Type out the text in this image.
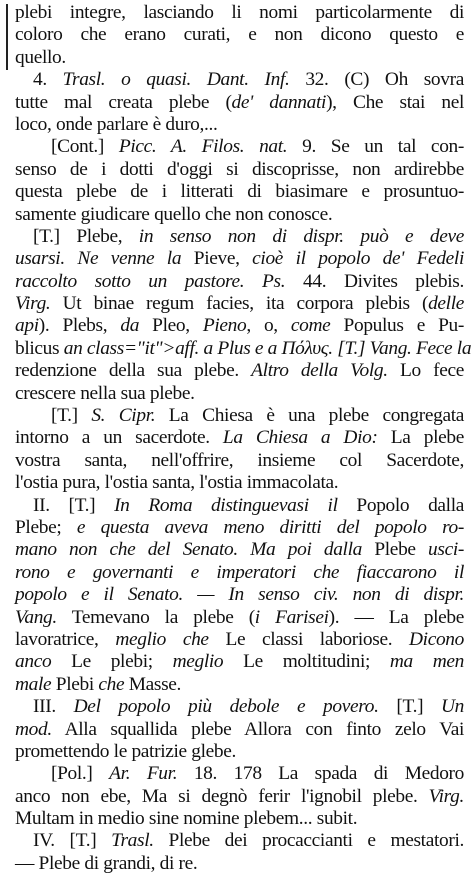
plebi integre, lasciando li nomi particolarmente di
coloro che erano curati, e non dicono questo e
quello.
4. Trasl. o quasi. Dant. Inf. 32. (C) Oh sovra
tutte mal creata plebe (de' dannati), Che stai nel
loco, onde parlare è duro,...
[Cont.] Picc. A. Filos. nat. 9. Se un tal con-
senso de i dotti d'oggi si discoprisse, non ardirebbe
questa plebe de i litterati di biasimare e prosuntuo-
samente giudicare quello che non conosce.
[T.] Plebe, in senso non di dispr. può e deve
usarsi. Ne venne la Pieve, cioè il popolo de' Fedeli
raccolto sotto un pastore. Ps. 44. Divites plebis.
Virg. Ut binae regum facies, ita corpora plebis (delle
api). Plebs, da Pleo, Pieno, o, come Populus e Pu-
blicus an class="it">aff. a Plus e a Πόλυς. [T.] Vang. Fece la
redenzione della sua plebe. Altro della Volg. Lo fece
crescere nella sua plebe.
[T.] S. Cipr. La Chiesa è una plebe congregata
intorno a un sacerdote. La Chiesa a Dio: La plebe
vostra santa, nell'offrire, insieme col Sacerdote,
l'ostia pura, l'ostia santa, l'ostia immacolata.
II. [T.] In Roma distinguevasi il Popolo dalla
Plebe; e questa aveva meno diritti del popolo ro-
mano non che del Senato. Ma poi dalla Plebe usci-
rono e governanti e imperatori che fiaccarono il
popolo e il Senato. — In senso civ. non di dispr.
Vang. Temevano la plebe (i Farisei). — La plebe
lavoratrice, meglio che Le classi laboriose. Dicono
anco Le plebi; meglio Le moltitudini; ma men
male Plebi che Masse.
III. Del popolo più debole e povero. [T.] Un
mod. Alla squallida plebe Allora con finto zelo Vai
promettendo le patrizie glebe.
[Pol.] Ar. Fur. 18. 178 La spada di Medoro
anco non ebe, Ma si degnò ferir l'ignobil plebe. Virg.
Multam in medio sine nomine plebem... subit.
IV. [T.] Trasl. Plebe dei procaccianti e mestatori.
— Plebe di grandi, di re.
